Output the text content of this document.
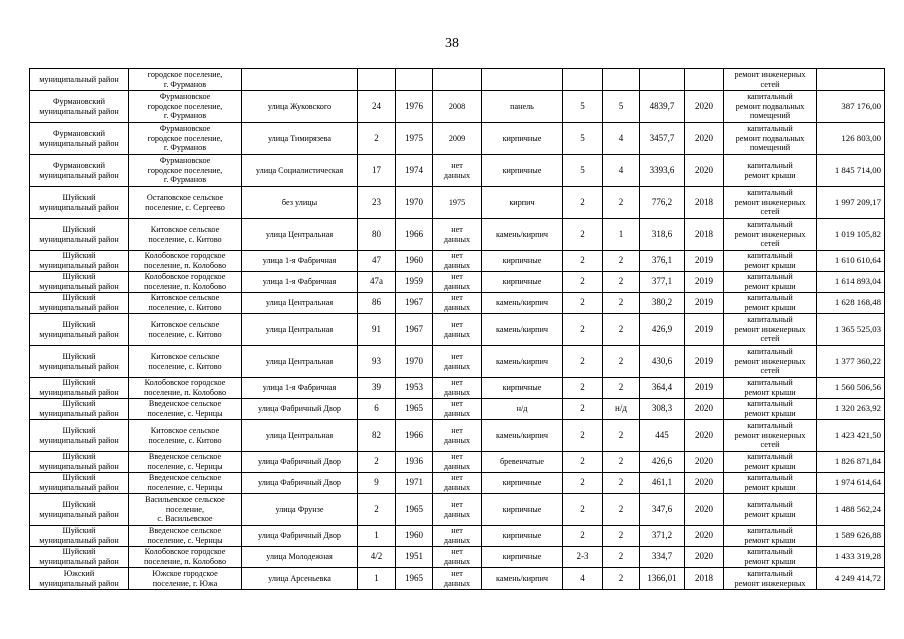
38
муниципальный район	городское поселение,
г. Фурманов										ремонт инженерных
сетей	
Фурмановский
муниципальный район	Фурмановское
городское поселение,
г. Фурманов	улица Жуковского	24	1976	2008	панель	5	5	4839,7	2020	капитальный
ремонт подвальных
помещений	387 176,00
Фурмановский
муниципальный район	Фурмановское
городское поселение,
г. Фурманов	улица Тимирязева	2	1975	2009	кирпичные	5	4	3457,7	2020	капитальный
ремонт подвальных
помещений	126 803,00
Фурмановский
муниципальный район	Фурмановское
городское поселение,
г. Фурманов	улица Социалистическая	17	1974	нет
данных	кирпичные	5	4	3393,6	2020	капитальный
ремонт крыши	1 845 714,00
Шуйский
муниципальный район	Остаповское сельское
поселение, с. Сергеево	без улицы	23	1970	1975	кирпич	2	2	776,2	2018	капитальный
ремонт инженерных
сетей	1 997 209,17
Шуйский
муниципальный район	Китовское сельское
поселение, с. Китово	улица Центральная	80	1966	нет
данных	камень/кирпич	2	1	318,6	2018	капитальный
ремонт инженерных
сетей	1 019 105,82
Шуйский
муниципальный район	Колобовское городское
поселение, п. Колобово	улица 1-я Фабричная	47	1960	нет
данных	кирпичные	2	2	376,1	2019	капитальный
ремонт крыши	1 610 610,64
Шуйский
муниципальный район	Колобовское городское
поселение, п. Колобово	улица 1-я Фабричная	47а	1959	нет
данных	кирпичные	2	2	377,1	2019	капитальный
ремонт крыши	1 614 893,04
Шуйский
муниципальный район	Китовское сельское
поселение, с. Китово	улица Центральная	86	1967	нет
данных	камень/кирпич	2	2	380,2	2019	капитальный
ремонт крыши	1 628 168,48
Шуйский
муниципальный район	Китовское сельское
поселение, с. Китово	улица Центральная	91	1967	нет
данных	камень/кирпич	2	2	426,9	2019	капитальный
ремонт инженерных
сетей	1 365 525,03
Шуйский
муниципальный район	Китовское сельское
поселение, с. Китово	улица Центральная	93	1970	нет
данных	камень/кирпич	2	2	430,6	2019	капитальный
ремонт инженерных
сетей	1 377 360,22
Шуйский
муниципальный район	Колобовское городское
поселение, п. Колобово	улица 1-я Фабричная	39	1953	нет
данных	кирпичные	2	2	364,4	2019	капитальный
ремонт крыши	1 560 506,56
Шуйский
муниципальный район	Введенское сельское
поселение, с. Чернцы	улица Фабричный Двор	6	1965	нет
данных	н/д	2	н/д	308,3	2020	капитальный
ремонт крыши	1 320 263,92
Шуйский
муниципальный район	Китовское сельское
поселение, с. Китово	улица Центральная	82	1966	нет
данных	камень/кирпич	2	2	445	2020	капитальный
ремонт инженерных
сетей	1 423 421,50
Шуйский
муниципальный район	Введенское сельское
поселение, с. Чернцы	улица Фабричный Двор	2	1936	нет
данных	бревенчатые	2	2	426,6	2020	капитальный
ремонт крыши	1 826 871,84
Шуйский
муниципальный район	Введенское сельское
поселение, с. Чернцы	улица Фабричный Двор	9	1971	нет
данных	кирпичные	2	2	461,1	2020	капитальный
ремонт крыши	1 974 614,64
Шуйский
муниципальный район	Васильевское сельское
поселение,
с. Васильевское	улица Фрунзе	2	1965	нет
данных	кирпичные	2	2	347,6	2020	капитальный
ремонт крыши	1 488 562,24
Шуйский
муниципальный район	Введенское сельское
поселение, с. Чернцы	улица Фабричный Двор	1	1960	нет
данных	кирпичные	2	2	371,2	2020	капитальный
ремонт крыши	1 589 626,88
Шуйский
муниципальный район	Колобовское городское
поселение, п. Колобово	улица Молодежная	4/2	1951	нет
данных	кирпичные	2-3	2	334,7	2020	капитальный
ремонт крыши	1 433 319,28
Южский
муниципальный район	Южское городское
поселение, г. Южа	улица Арсеньевка	1	1965	нет
данных	камень/кирпич	4	2	1366,01	2018	капитальный
ремонт инженерных	4 249 414,72
